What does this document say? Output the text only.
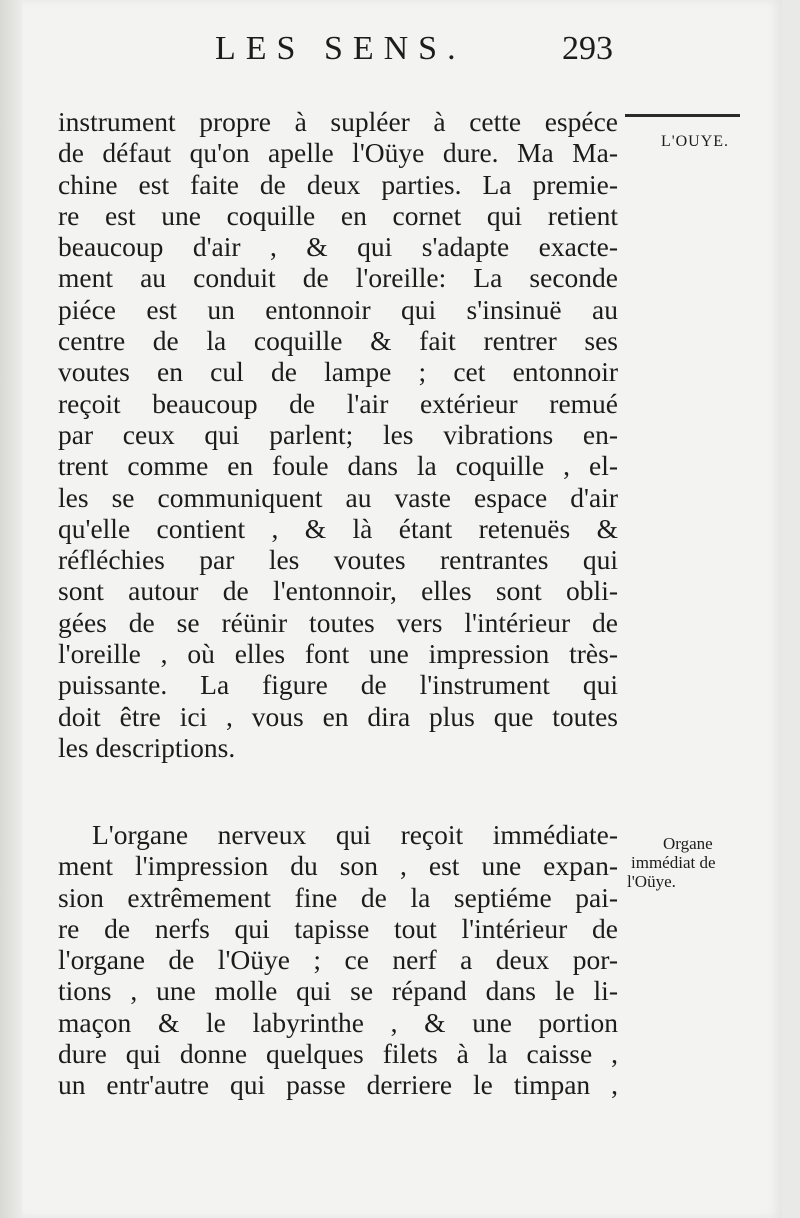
LES SENS.	293
L'OUYE.
Organe
immédiat de
l'Oüye.
instrument propre à supléer à cette espéce
de défaut qu'on apelle l'Oüye dure. Ma Ma-
chine est faite de deux parties. La premie-
re est une coquille en cornet qui retient
beaucoup d'air , & qui s'adapte exacte-
ment au conduit de l'oreille: La seconde
piéce est un entonnoir qui s'insinuë au
centre de la coquille & fait rentrer ses
voutes en cul de lampe ; cet entonnoir
reçoit beaucoup de l'air extérieur remué
par ceux qui parlent; les vibrations en-
trent comme en foule dans la coquille , el-
les se communiquent au vaste espace d'air
qu'elle contient , & là étant retenuës &
réfléchies par les voutes rentrantes qui
sont autour de l'entonnoir, elles sont obli-
gées de se réünir toutes vers l'intérieur de
l'oreille , où elles font une impression très-
puissante. La figure de l'instrument qui
doit être ici , vous en dira plus que toutes
les descriptions.
L'organe nerveux qui reçoit immédiate-
ment l'impression du son , est une expan-
sion extrêmement fine de la septiéme pai-
re de nerfs qui tapisse tout l'intérieur de
l'organe de l'Oüye ; ce nerf a deux por-
tions , une molle qui se répand dans le li-
maçon & le labyrinthe , & une portion
dure qui donne quelques filets à la caisse ,
un entr'autre qui passe derriere le timpan ,
